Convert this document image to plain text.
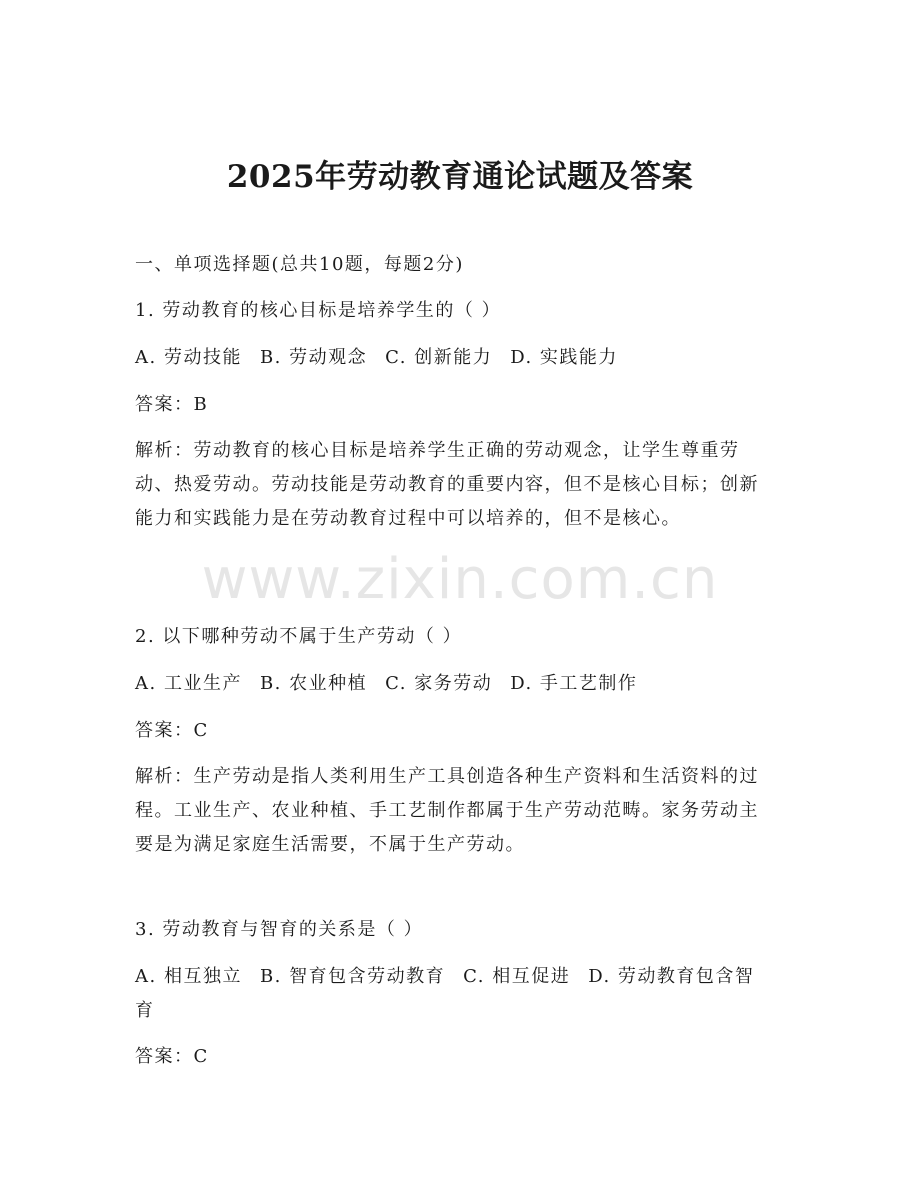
www.zixin.com.cn
2025年劳动教育通论试题及答案
一、单项选择题(总共10题，每题2分)
1. 劳动教育的核心目标是培养学生的（ ）
A. 劳动技能 B. 劳动观念 C. 创新能力 D. 实践能力
答案：B
解析：劳动教育的核心目标是培养学生正确的劳动观念，让学生尊重劳动、热爱劳动。劳动技能是劳动教育的重要内容，但不是核心目标；创新能力和实践能力是在劳动教育过程中可以培养的，但不是核心。
2. 以下哪种劳动不属于生产劳动（ ）
A. 工业生产 B. 农业种植 C. 家务劳动 D. 手工艺制作
答案：C
解析：生产劳动是指人类利用生产工具创造各种生产资料和生活资料的过程。工业生产、农业种植、手工艺制作都属于生产劳动范畴。家务劳动主要是为满足家庭生活需要，不属于生产劳动。
3. 劳动教育与智育的关系是（ ）
A. 相互独立 B. 智育包含劳动教育 C. 相互促进 D. 劳动教育包含智育
答案：C
